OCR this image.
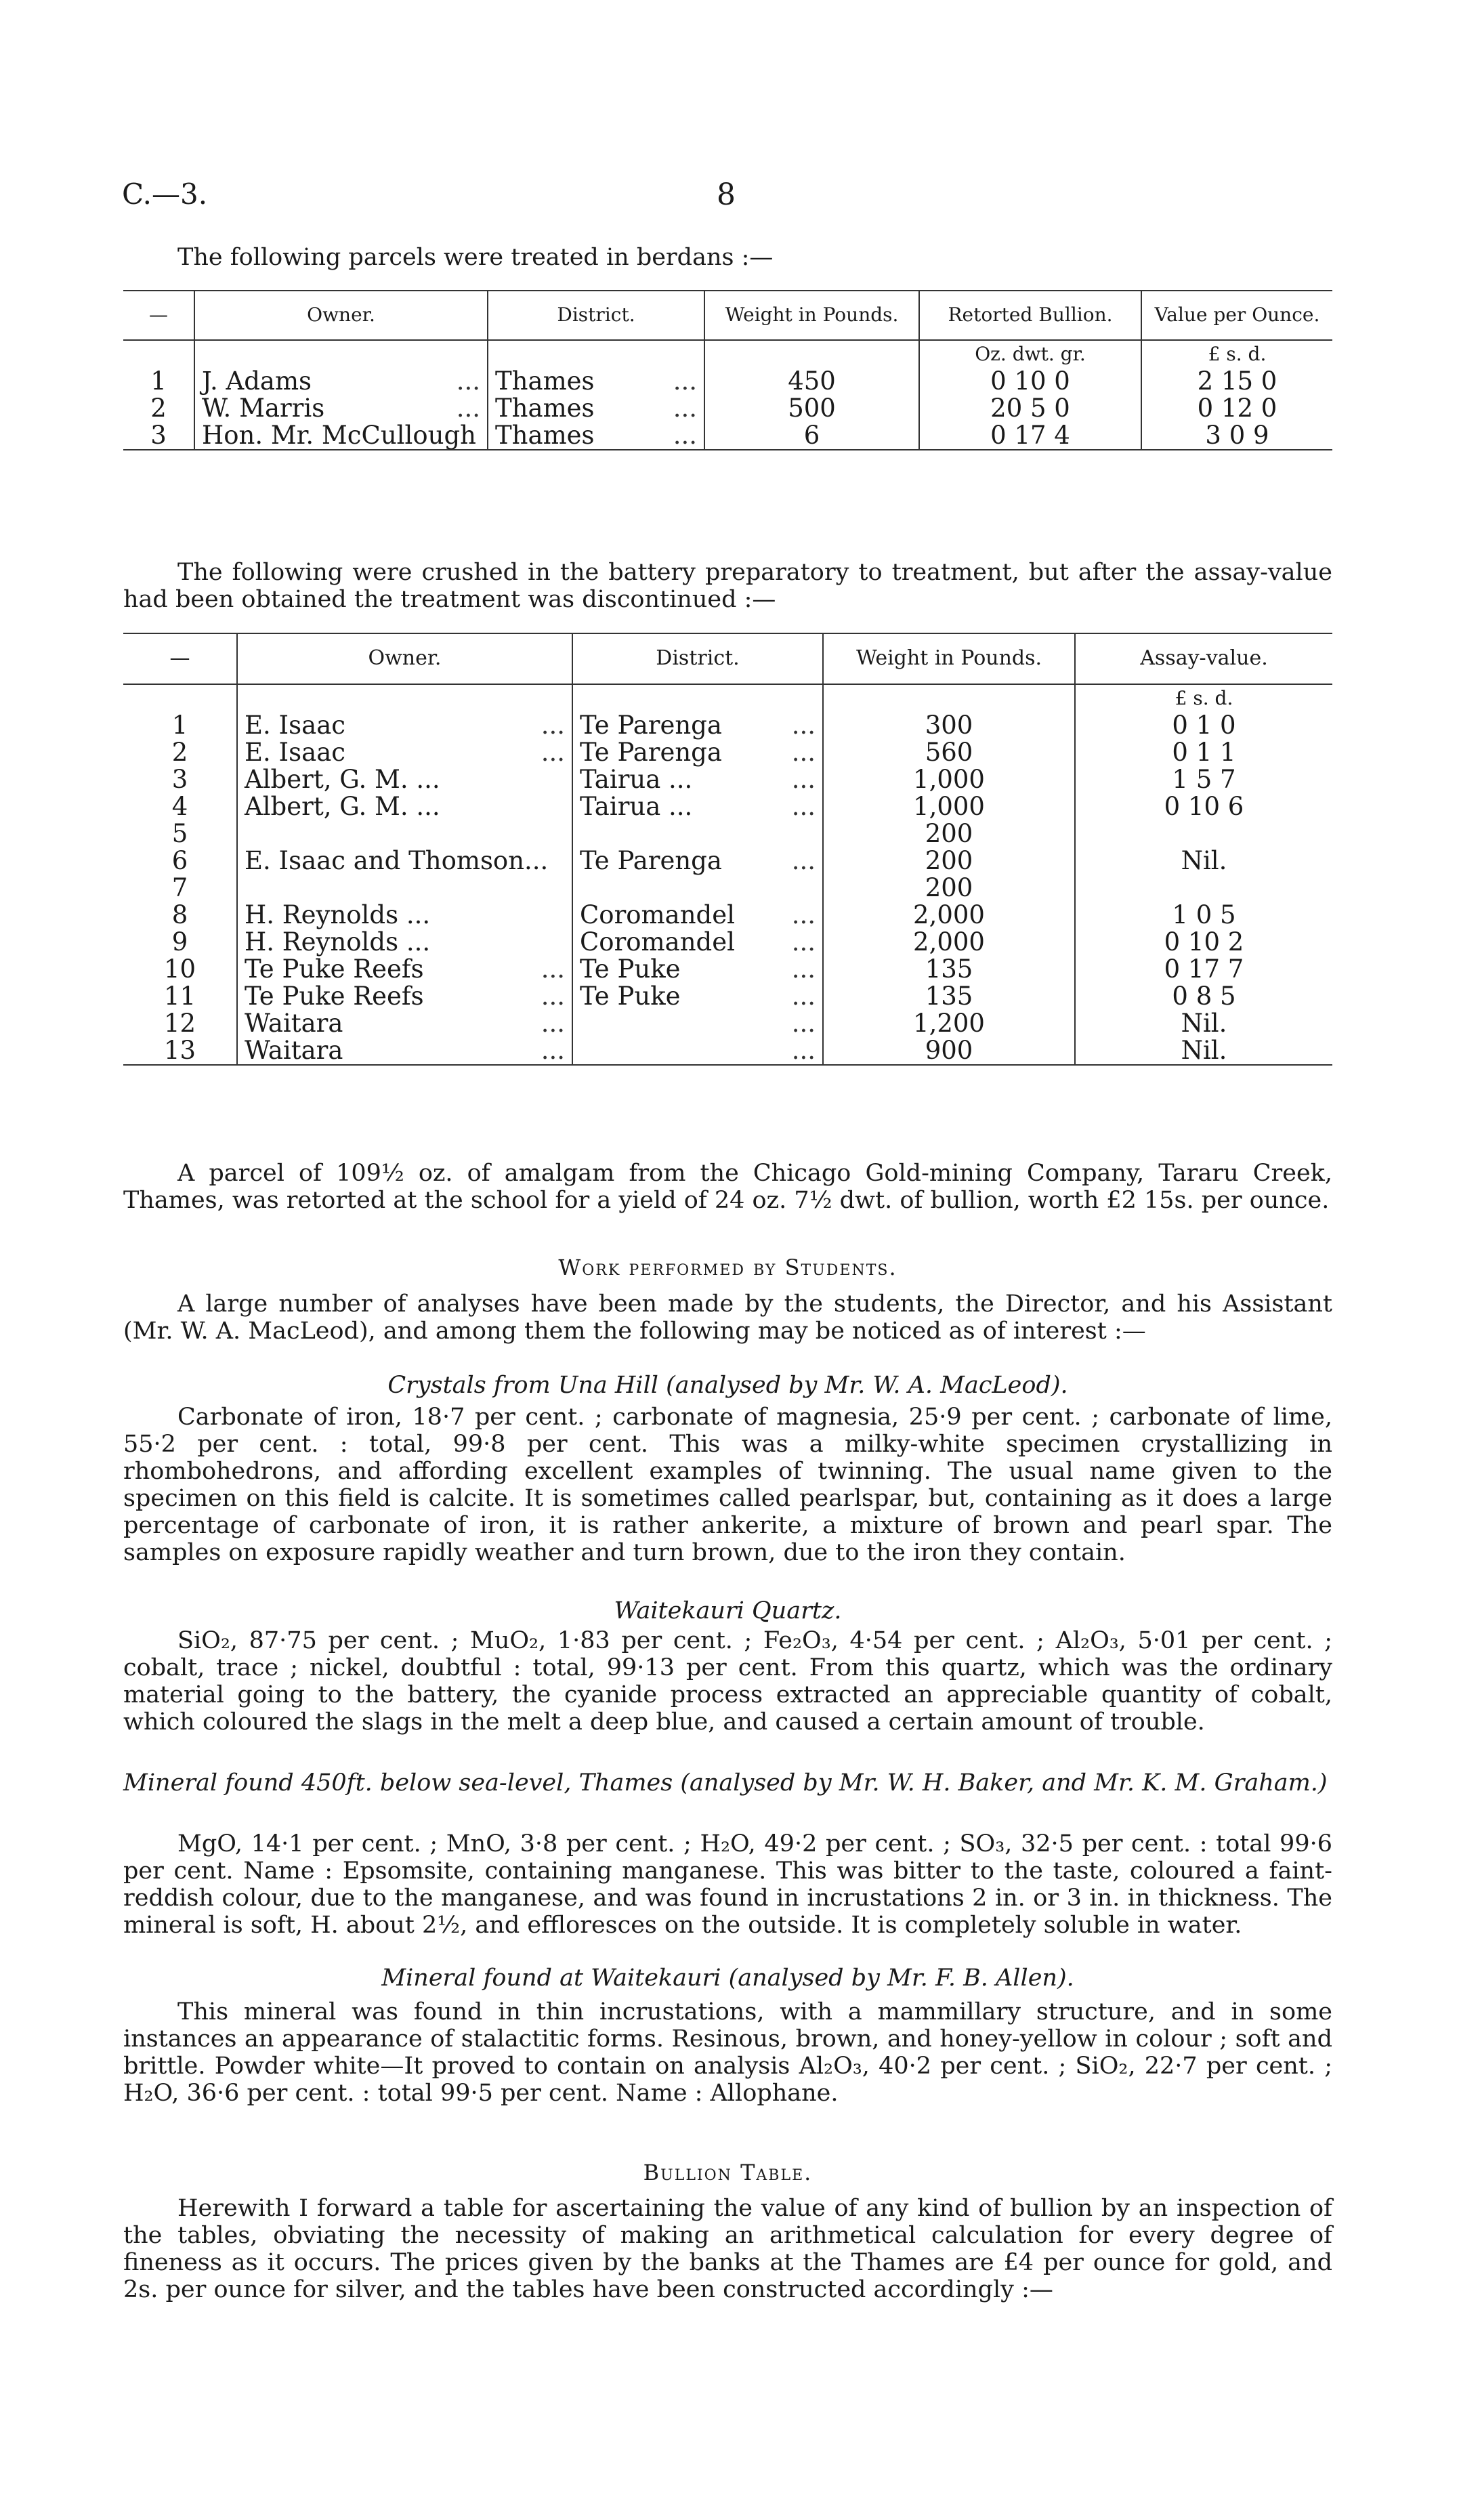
C.—3.	8
The following parcels were treated in berdans :—
—	Owner.	District.	Weight in Pounds.	Retorted Bullion.	Value per Ounce.
				Oz. dwt. gr.	£ s. d.
1	J. Adams ...	Thames ...	450	0 10 0	2 15 0
2	W. Marris ...	Thames ...	500	20 5 0	0 12 0
3	Hon. Mr. McCullough	Thames ...	6	0 17 4	3 0 9
The following were crushed in the battery preparatory to treatment, but after the assay-value had been obtained the treatment was discontinued :—
—	Owner.	District.	Weight in Pounds.	Assay-value.
				£ s. d.
1	E. Isaac ...	Te Parenga ...	300	0 1 0
2	E. Isaac ...	Te Parenga ...	560	0 1 1
3	Albert, G. M. ...	Tairua ... ...	1,000	1 5 7
4	Albert, G. M. ...	Tairua ... ...	1,000	0 10 6
5			200	
6	E. Isaac and Thomson...	Te Parenga ...	200	Nil.
7			200	
8	H. Reynolds ...	Coromandel ...	2,000	1 0 5
9	H. Reynolds ...	Coromandel ...	2,000	0 10 2
10	Te Puke Reefs ...	Te Puke ...	135	0 17 7
11	Te Puke Reefs ...	Te Puke ...	135	0 8 5
12	Waitara ...	...	1,200	Nil.
13	Waitara ...	...	900	Nil.
A parcel of 109½ oz. of amalgam from the Chicago Gold-mining Company, Tararu Creek, Thames, was retorted at the school for a yield of 24 oz. 7½ dwt. of bullion, worth £2 15s. per ounce.
Work performed by Students.
A large number of analyses have been made by the students, the Director, and his Assistant (Mr. W. A. MacLeod), and among them the following may be noticed as of interest :—
Crystals from Una Hill (analysed by Mr. W. A. MacLeod).
Carbonate of iron, 18·7 per cent. ; carbonate of magnesia, 25·9 per cent. ; carbonate of lime, 55·2 per cent. : total, 99·8 per cent. This was a milky-white specimen crystallizing in rhombohedrons, and affording excellent examples of twinning. The usual name given to the specimen on this field is calcite. It is sometimes called pearlspar, but, containing as it does a large percentage of carbonate of iron, it is rather ankerite, a mixture of brown and pearl spar. The samples on exposure rapidly weather and turn brown, due to the iron they contain.
Waitekauri Quartz.
SiO₂, 87·75 per cent. ; MuO₂, 1·83 per cent. ; Fe₂O₃, 4·54 per cent. ; Al₂O₃, 5·01 per cent. ; cobalt, trace ; nickel, doubtful : total, 99·13 per cent. From this quartz, which was the ordinary material going to the battery, the cyanide process extracted an appreciable quantity of cobalt, which coloured the slags in the melt a deep blue, and caused a certain amount of trouble.
Mineral found 450ft. below sea-level, Thames (analysed by Mr. W. H. Baker, and Mr. K. M. Graham.)
MgO, 14·1 per cent. ; MnO, 3·8 per cent. ; H₂O, 49·2 per cent. ; SO₃, 32·5 per cent. : total 99·6 per cent. Name : Epsomsite, containing manganese. This was bitter to the taste, coloured a faint-reddish colour, due to the manganese, and was found in incrustations 2 in. or 3 in. in thickness. The mineral is soft, H. about 2½, and effloresces on the outside. It is completely soluble in water.
Mineral found at Waitekauri (analysed by Mr. F. B. Allen).
This mineral was found in thin incrustations, with a mammillary structure, and in some instances an appearance of stalactitic forms. Resinous, brown, and honey-yellow in colour ; soft and brittle. Powder white—It proved to contain on analysis Al₂O₃, 40·2 per cent. ; SiO₂, 22·7 per cent. ; H₂O, 36·6 per cent. : total 99·5 per cent. Name : Allophane.
Bullion Table.
Herewith I forward a table for ascertaining the value of any kind of bullion by an inspection of the tables, obviating the necessity of making an arithmetical calculation for every degree of fineness as it occurs. The prices given by the banks at the Thames are £4 per ounce for gold, and 2s. per ounce for silver, and the tables have been constructed accordingly :—
